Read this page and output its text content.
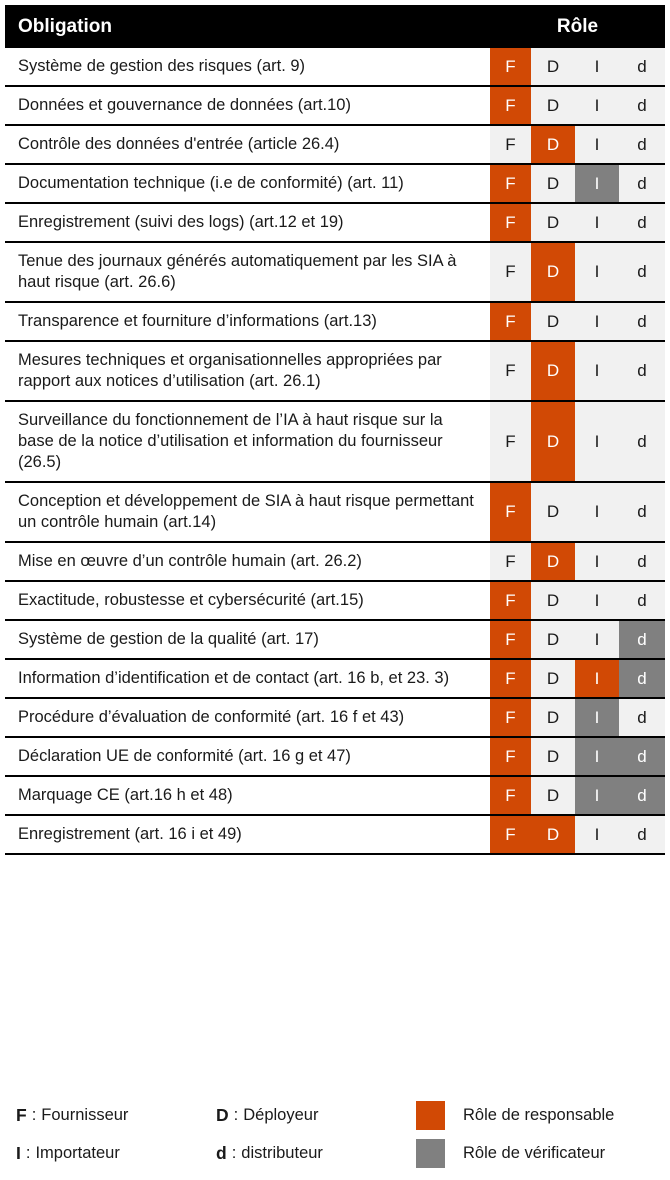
Obligation	Rôle			
Système de gestion des risques (art. 9)	F	D	I	d
Données et gouvernance de données (art.10)	F	D	I	d
Contrôle des données d'entrée (article 26.4)	F	D	I	d
Documentation technique (i.e de conformité) (art. 11)	F	D	I	d
Enregistrement (suivi des logs) (art.12 et 19)	F	D	I	d
Tenue des journaux générés automatiquement par les SIA à haut risque (art. 26.6)	F	D	I	d
Transparence et fourniture d’informations (art.13)	F	D	I	d
Mesures techniques et organisationnelles appropriées par rapport aux notices d’utilisation (art. 26.1)	F	D	I	d
Surveillance du fonctionnement de l’IA à haut risque sur la base de la notice d’utilisation et information du fournisseur (26.5)	F	D	I	d
Conception et développement de SIA à haut risque permettant un contrôle humain (art.14)	F	D	I	d
Mise en œuvre d’un contrôle humain (art. 26.2)	F	D	I	d
Exactitude, robustesse et cybersécurité (art.15)	F	D	I	d
Système de gestion de la qualité (art. 17)	F	D	I	d
Information d’identification et de contact (art. 16 b, et 23. 3)	F	D	I	d
Procédure d’évaluation de conformité (art. 16 f et 43)	F	D	I	d
Déclaration UE de conformité (art. 16 g et 47)	F	D	I	d
Marquage CE (art.16 h et 48)	F	D	I	d
Enregistrement (art. 16 i et 49)	F	D	I	d
F : Fournisseur	D : Déployeur	Rôle de responsable
I : Importateur	d : distributeur	Rôle de vérificateur
